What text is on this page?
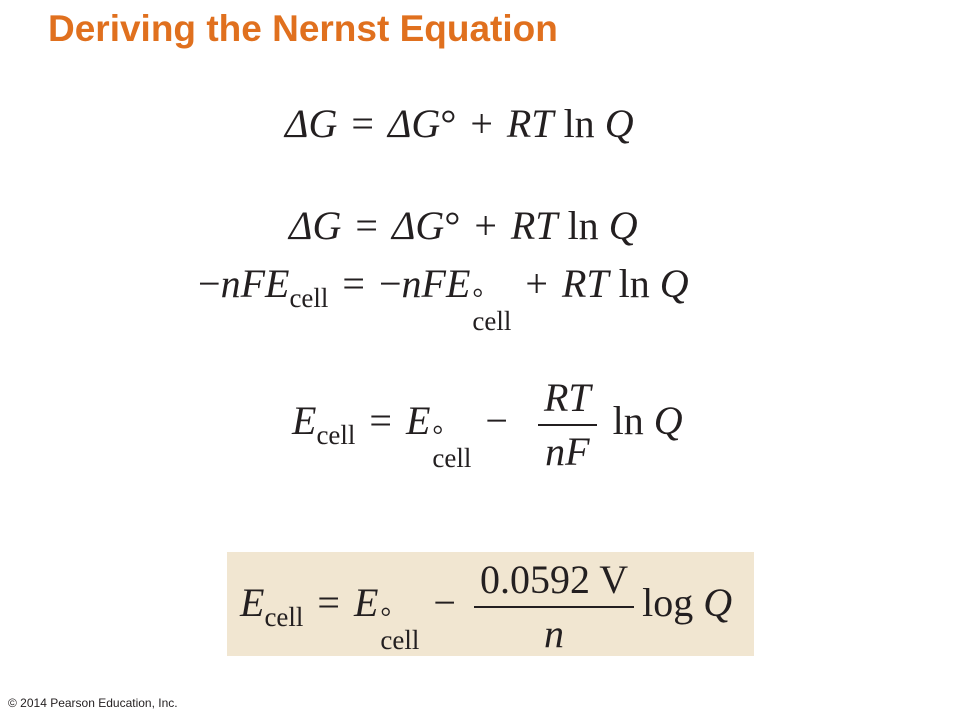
Deriving the Nernst Equation
ΔG = ΔG° + RT ln Q
ΔG = ΔG° + RT ln Q
−nFE$_{cell}$ = −nFE °
cell
+ RT ln Q
$E_{cell} = E$ °
cell
− $\frac{RT}{nF}$ ln Q
$E_{cell} = E$ °
cell
− $\frac{0.0592 V}{n}$ log Q
© 2014 Pearson Education, Inc.
